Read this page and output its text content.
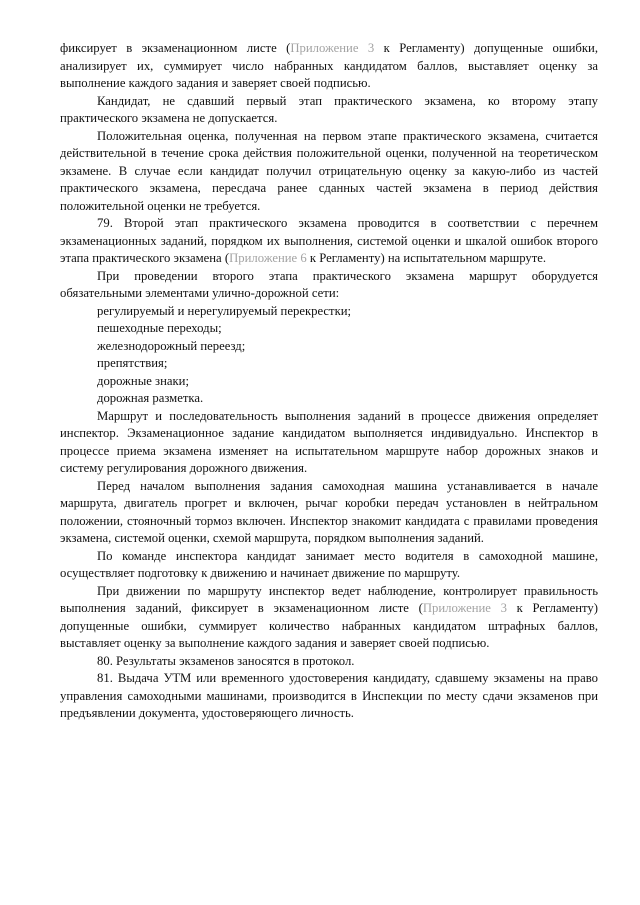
фиксирует в экзаменационном листе (Приложение 3 к Регламенту) допущенные ошибки, анализирует их, суммирует число набранных кандидатом баллов, выставляет оценку за выполнение каждого задания и заверяет своей подписью.

Кандидат, не сдавший первый этап практического экзамена, ко второму этапу практического экзамена не допускается.

Положительная оценка, полученная на первом этапе практического экзамена, считается действительной в течение срока действия положительной оценки, полученной на теоретическом экзамене. В случае если кандидат получил отрицательную оценку за какую-либо из частей практического экзамена, пересдача ранее сданных частей экзамена в период действия положительной оценки не требуется.

79. Второй этап практического экзамена проводится в соответствии с перечнем экзаменационных заданий, порядком их выполнения, системой оценки и шкалой ошибок второго этапа практического экзамена (Приложение 6 к Регламенту) на испытательном маршруте.

При проведении второго этапа практического экзамена маршрут оборудуется обязательными элементами улично-дорожной сети:

регулируемый и нерегулируемый перекрестки;

пешеходные переходы;

железнодорожный переезд;

препятствия;

дорожные знаки;

дорожная разметка.

Маршрут и последовательность выполнения заданий в процессе движения определяет инспектор. Экзаменационное задание кандидатом выполняется индивидуально. Инспектор в процессе приема экзамена изменяет на испытательном маршруте набор дорожных знаков и систему регулирования дорожного движения.

Перед началом выполнения задания самоходная машина устанавливается в начале маршрута, двигатель прогрет и включен, рычаг коробки передач установлен в нейтральном положении, стояночный тормоз включен. Инспектор знакомит кандидата с правилами проведения экзамена, системой оценки, схемой маршрута, порядком выполнения заданий.

По команде инспектора кандидат занимает место водителя в самоходной машине, осуществляет подготовку к движению и начинает движение по маршруту.

При движении по маршруту инспектор ведет наблюдение, контролирует правильность выполнения заданий, фиксирует в экзаменационном листе (Приложение 3 к Регламенту) допущенные ошибки, суммирует количество набранных кандидатом штрафных баллов, выставляет оценку за выполнение каждого задания и заверяет своей подписью.

80. Результаты экзаменов заносятся в протокол.

81. Выдача УТМ или временного удостоверения кандидату, сдавшему экзамены на право управления самоходными машинами, производится в Инспекции по месту сдачи экзаменов при предъявлении документа, удостоверяющего личность.
